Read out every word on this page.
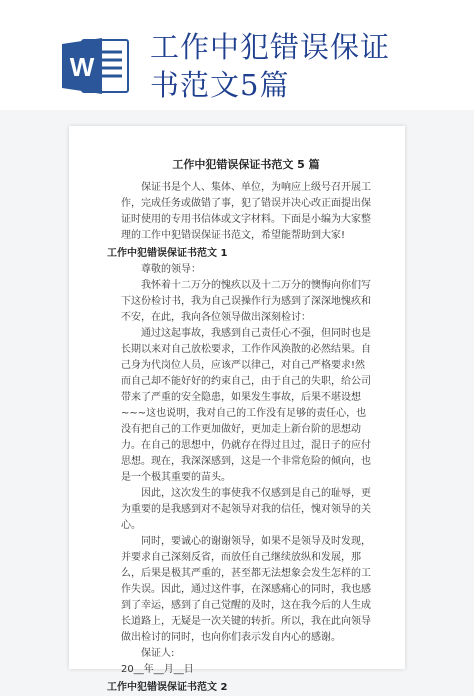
W
工作中犯错误保证
书范文5篇
工作中犯错误保证书范文 5 篇

保证书是个人、集体、单位，为响应上级号召开展工作，完成任务或做错了事，犯了错误并决心改正面提出保证时使用的专用书信体或文字材料。下面是小编为大家整理的工作中犯错误保证书范文，希望能帮助到大家!

工作中犯错误保证书范文 1

尊敬的领导：

我怀着十二万分的愧疚以及十二万分的懊悔向你们写下这份检讨书，我为自己误操作行为感到了深深地愧疚和不安，在此，我向各位领导做出深刻检讨：

通过这起事故，我感到自己责任心不强，但同时也是长期以来对自己放松要求，工作作风涣散的必然结果。自己身为代岗位人员，应该严以律己，对自己严格要求!然而自己却不能好好的约束自己，由于自己的失职，给公司带来了严重的安全隐患，如果发生事故，后果不堪设想~~~这也说明，我对自己的工作没有足够的责任心，也没有把自己的工作更加做好，更加走上新台阶的思想动力。在自己的思想中，仍就存在得过且过，混日子的应付思想。现在，我深深感到，这是一个非常危险的倾向，也是一个极其重要的苗头。

因此，这次发生的事使我不仅感到是自己的耻辱，更为重要的是我感到对不起领导对我的信任，愧对领导的关心。

同时，要诚心的谢谢领导，如果不是领导及时发现，并要求自己深刻反省，而放任自己继续放纵和发展，那么，后果是极其严重的，甚至都无法想象会发生怎样的工作失误。因此，通过这件事，在深感痛心的同时，我也感到了幸运，感到了自己觉醒的及时，这在我今后的人生成长道路上，无疑是一次关键的转折。所以，我在此向领导做出检讨的同时，也向你们表示发自内心的感谢。

保证人:

20__年__月__日

工作中犯错误保证书范文 2
